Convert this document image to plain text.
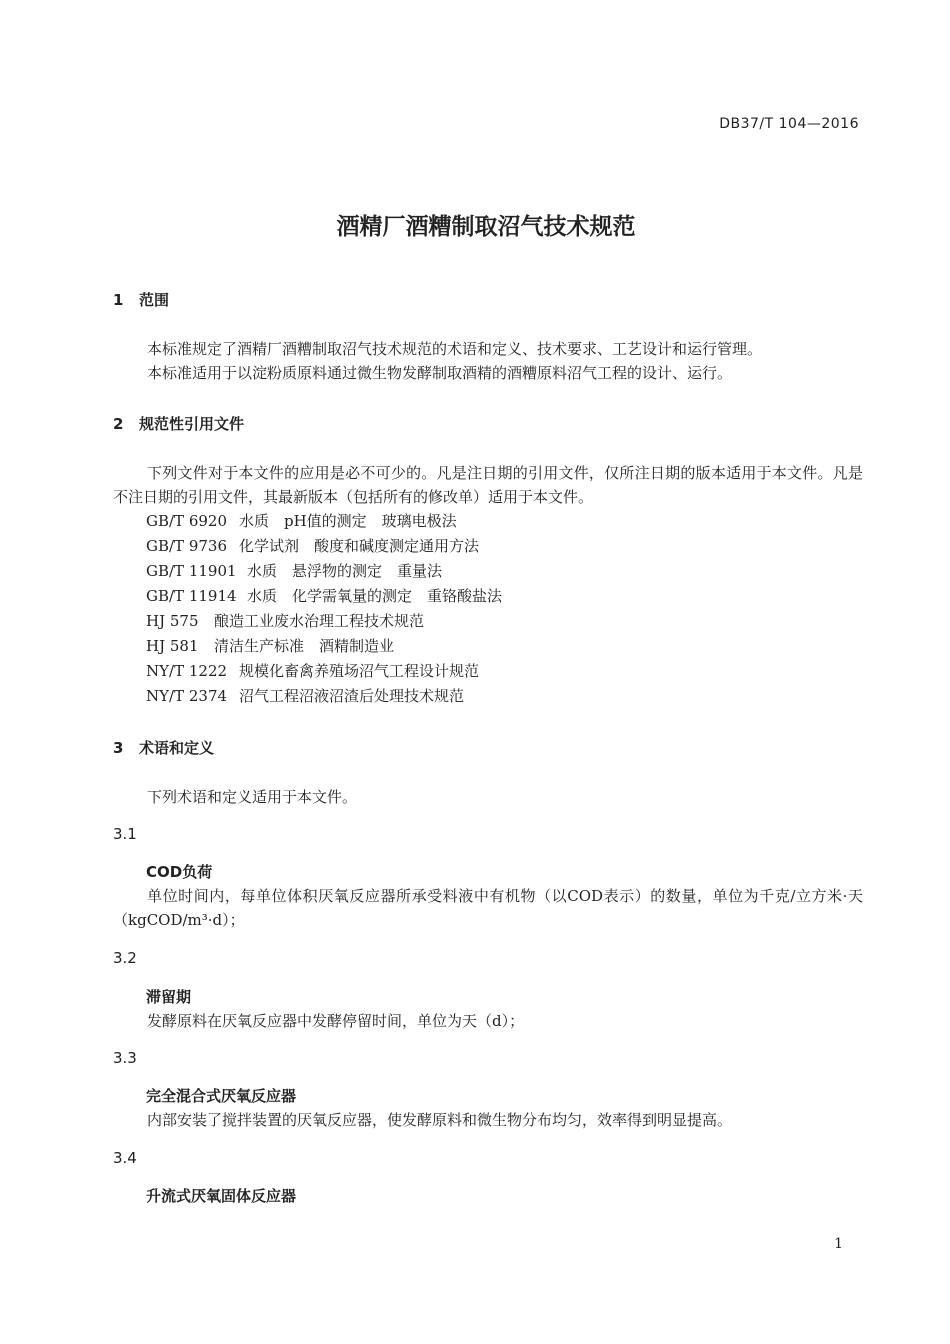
DB37/T 104—2016
酒精厂酒糟制取沼气技术规范
1 范围
本标准规定了酒精厂酒糟制取沼气技术规范的术语和定义、技术要求、工艺设计和运行管理。
本标准适用于以淀粉质原料通过微生物发酵制取酒精的酒糟原料沼气工程的设计、运行。
2 规范性引用文件
下列文件对于本文件的应用是必不可少的。凡是注日期的引用文件，仅所注日期的版本适用于本文件。凡是不注日期的引用文件，其最新版本（包括所有的修改单）适用于本文件。
GB/T 6920 水质　pH值的测定　玻璃电极法
GB/T 9736 化学试剂　酸度和碱度测定通用方法
GB/T 11901 水质　悬浮物的测定　重量法
GB/T 11914 水质　化学需氧量的测定　重铬酸盐法
HJ 575 酿造工业废水治理工程技术规范
HJ 581 清洁生产标准　酒精制造业
NY/T 1222 规模化畜禽养殖场沼气工程设计规范
NY/T 2374 沼气工程沼液沼渣后处理技术规范
3 术语和定义
下列术语和定义适用于本文件。
3.1
COD负荷
单位时间内，每单位体积厌氧反应器所承受料液中有机物（以COD表示）的数量，单位为千克/立方米·天（kgCOD/m³·d）；
3.2
滞留期
发酵原料在厌氧反应器中发酵停留时间，单位为天（d）；
3.3
完全混合式厌氧反应器
内部安装了搅拌装置的厌氧反应器，使发酵原料和微生物分布均匀，效率得到明显提高。
3.4
升流式厌氧固体反应器
1
